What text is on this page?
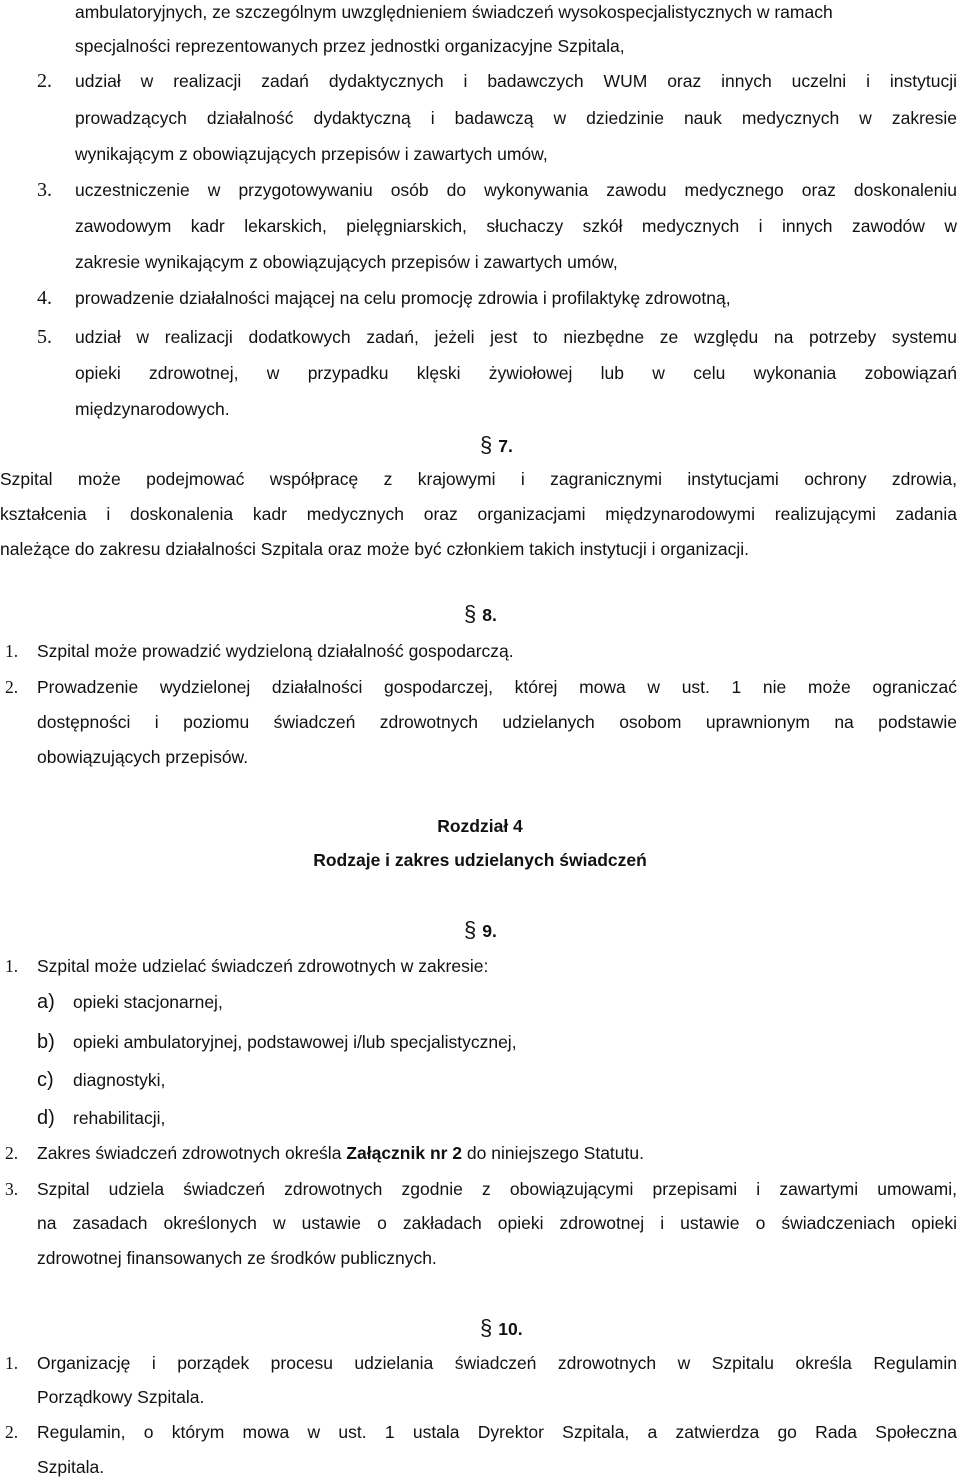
ambulatoryjnych, ze szczególnym uwzględnieniem świadczeń wysokospecjalistycznych w ramach
specjalności reprezentowanych przez jednostki organizacyjne Szpitala,
2. udział w realizacji zadań dydaktycznych i badawczych WUM oraz innych uczelni i instytucji
prowadzących działalność dydaktyczną i badawczą w dziedzinie nauk medycznych w zakresie
wynikającym z obowiązujących przepisów i zawartych umów,
3. uczestniczenie w przygotowywaniu osób do wykonywania zawodu medycznego oraz doskonaleniu
zawodowym kadr lekarskich, pielęgniarskich, słuchaczy szkół medycznych i innych zawodów w
zakresie wynikającym z obowiązujących przepisów i zawartych umów,
4. prowadzenie działalności mającej na celu promocję zdrowia i profilaktykę zdrowotną,
5. udział w realizacji dodatkowych zadań, jeżeli jest to niezbędne ze względu na potrzeby systemu
opieki zdrowotnej, w przypadku klęski żywiołowej lub w celu wykonania zobowiązań
międzynarodowych.
§ 7.
Szpital może podejmować współpracę z krajowymi i zagranicznymi instytucjami ochrony zdrowia,
kształcenia i doskonalenia kadr medycznych oraz organizacjami międzynarodowymi realizującymi zadania
należące do zakresu działalności Szpitala oraz może być członkiem takich instytucji i organizacji.
§ 8.
1. Szpital może prowadzić wydzieloną działalność gospodarczą.
2. Prowadzenie wydzielonej działalności gospodarczej, której mowa w ust. 1 nie może ograniczać
dostępności i poziomu świadczeń zdrowotnych udzielanych osobom uprawnionym na podstawie
obowiązujących przepisów.
Rozdział 4
Rodzaje i zakres udzielanych świadczeń
§ 9.
1. Szpital może udzielać świadczeń zdrowotnych w zakresie:
a) opieki stacjonarnej,
b) opieki ambulatoryjnej, podstawowej i/lub specjalistycznej,
c) diagnostyki,
d) rehabilitacji,
2. Zakres świadczeń zdrowotnych określa Załącznik nr 2 do niniejszego Statutu.
3. Szpital udziela świadczeń zdrowotnych zgodnie z obowiązującymi przepisami i zawartymi umowami,
na zasadach określonych w ustawie o zakładach opieki zdrowotnej i ustawie o świadczeniach opieki
zdrowotnej finansowanych ze środków publicznych.
§ 10.
1. Organizację i porządek procesu udzielania świadczeń zdrowotnych w Szpitalu określa Regulamin
Porządkowy Szpitala.
2. Regulamin, o którym mowa w ust. 1 ustala Dyrektor Szpitala, a zatwierdza go Rada Społeczna
Szpitala.
